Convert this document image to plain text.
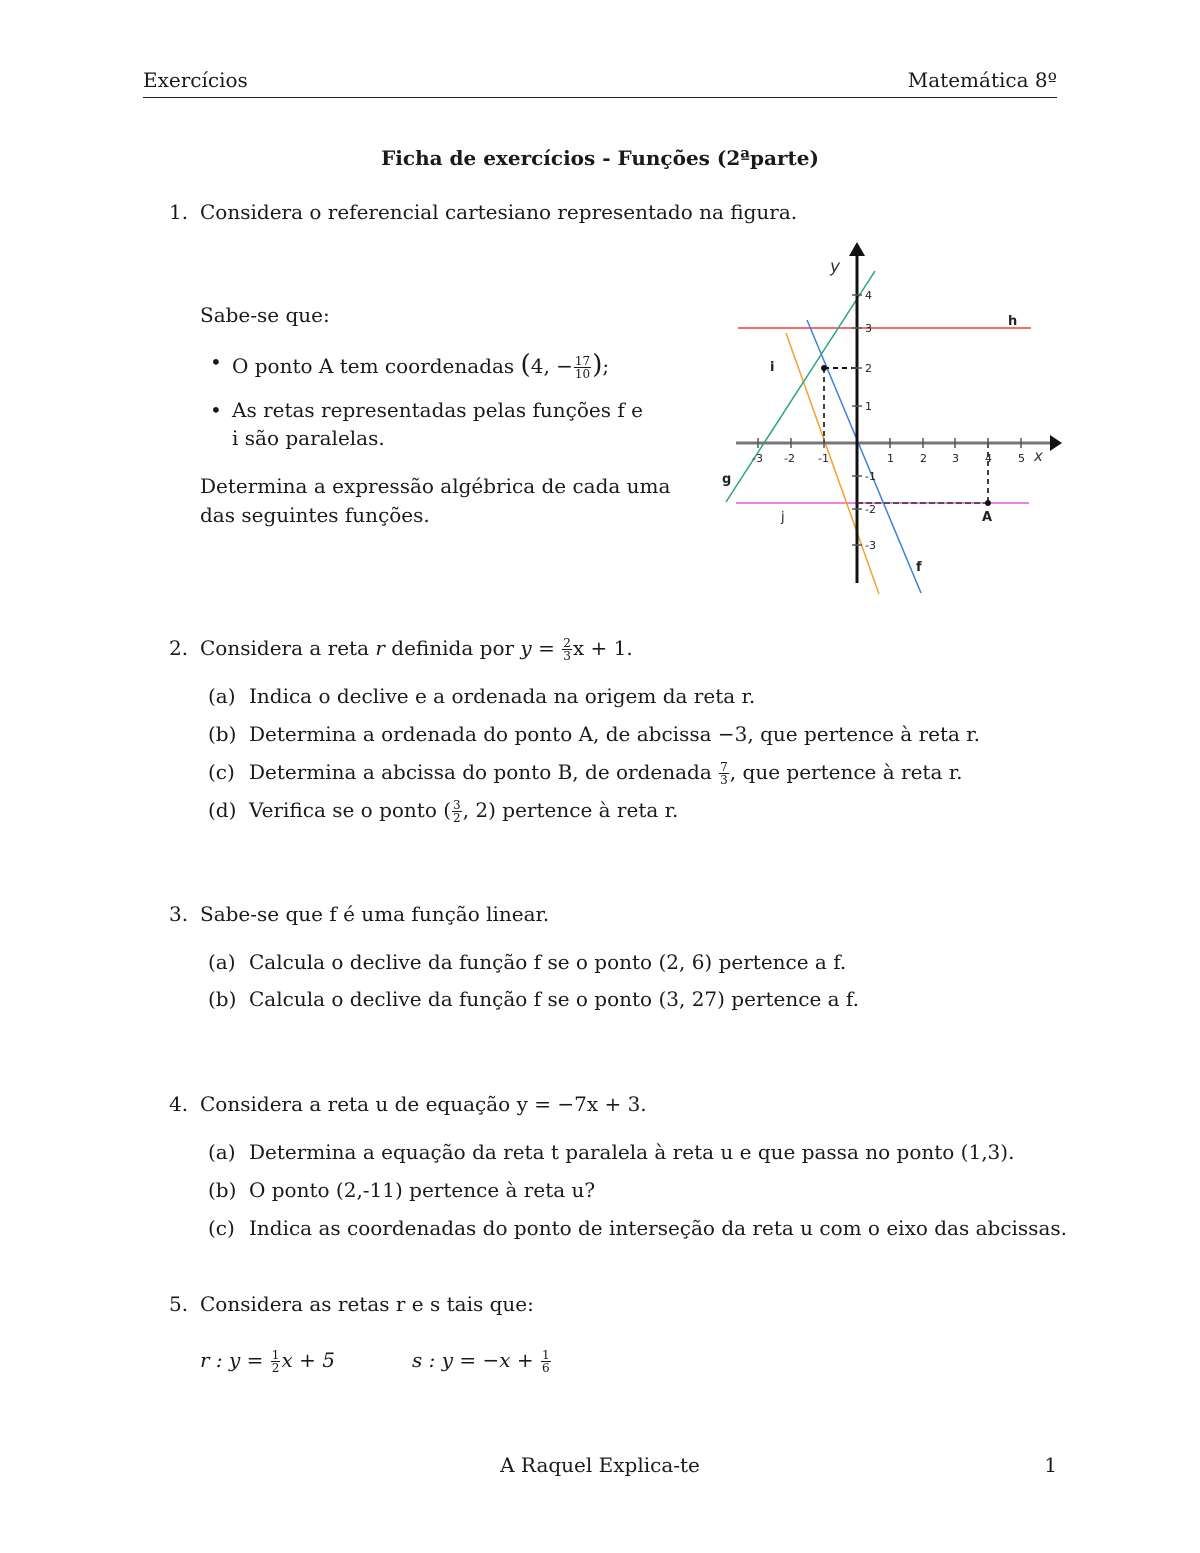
Exercícios	Matemática 8º
Ficha de exercícios - Funções (2ªparte)
1. Considera o referencial cartesiano representado na figura.
Sabe-se que:
• O ponto A tem coordenadas (4, − $\frac{17}{10}$ );
• As retas representadas pelas funções f e
i são paralelas.
Determina a expressão algébrica de cada uma
das seguintes funções.
-3 -2 -1	1 2 3 4 5
4
3
2
1
-1
-2
-3
x
y
h
i
g
f
j	A
2. Considera a reta r definida por $y = \frac{2}{3}$ x + 1.
(a) Indica o declive e a ordenada na origem da reta r.
(b) Determina a ordenada do ponto A, de abcissa −3, que pertence à reta r.
(c) Determina a abcissa do ponto B, de ordenada $\frac{7}{3}$ , que pertence à reta r.
(d) Verifica se o ponto ( $\frac{3}{2}$ , 2) pertence à reta r.
3. Sabe-se que f é uma função linear.
(a) Calcula o declive da função f se o ponto (2, 6) pertence a f.
(b) Calcula o declive da função f se o ponto (3, 27) pertence a f.
4. Considera a reta u de equação y = −7x + 3.
(a) Determina a equação da reta t paralela à reta u e que passa no ponto (1,3).
(b) O ponto (2,-11) pertence à reta u?
(c) Indica as coordenadas do ponto de interseção da reta u com o eixo das abcissas.
5. Considera as retas r e s tais que:
r : $y = \frac{1}{2}$ x + 5	s : $y = -x + \frac{1}{6}$
A Raquel Explica-te	1
